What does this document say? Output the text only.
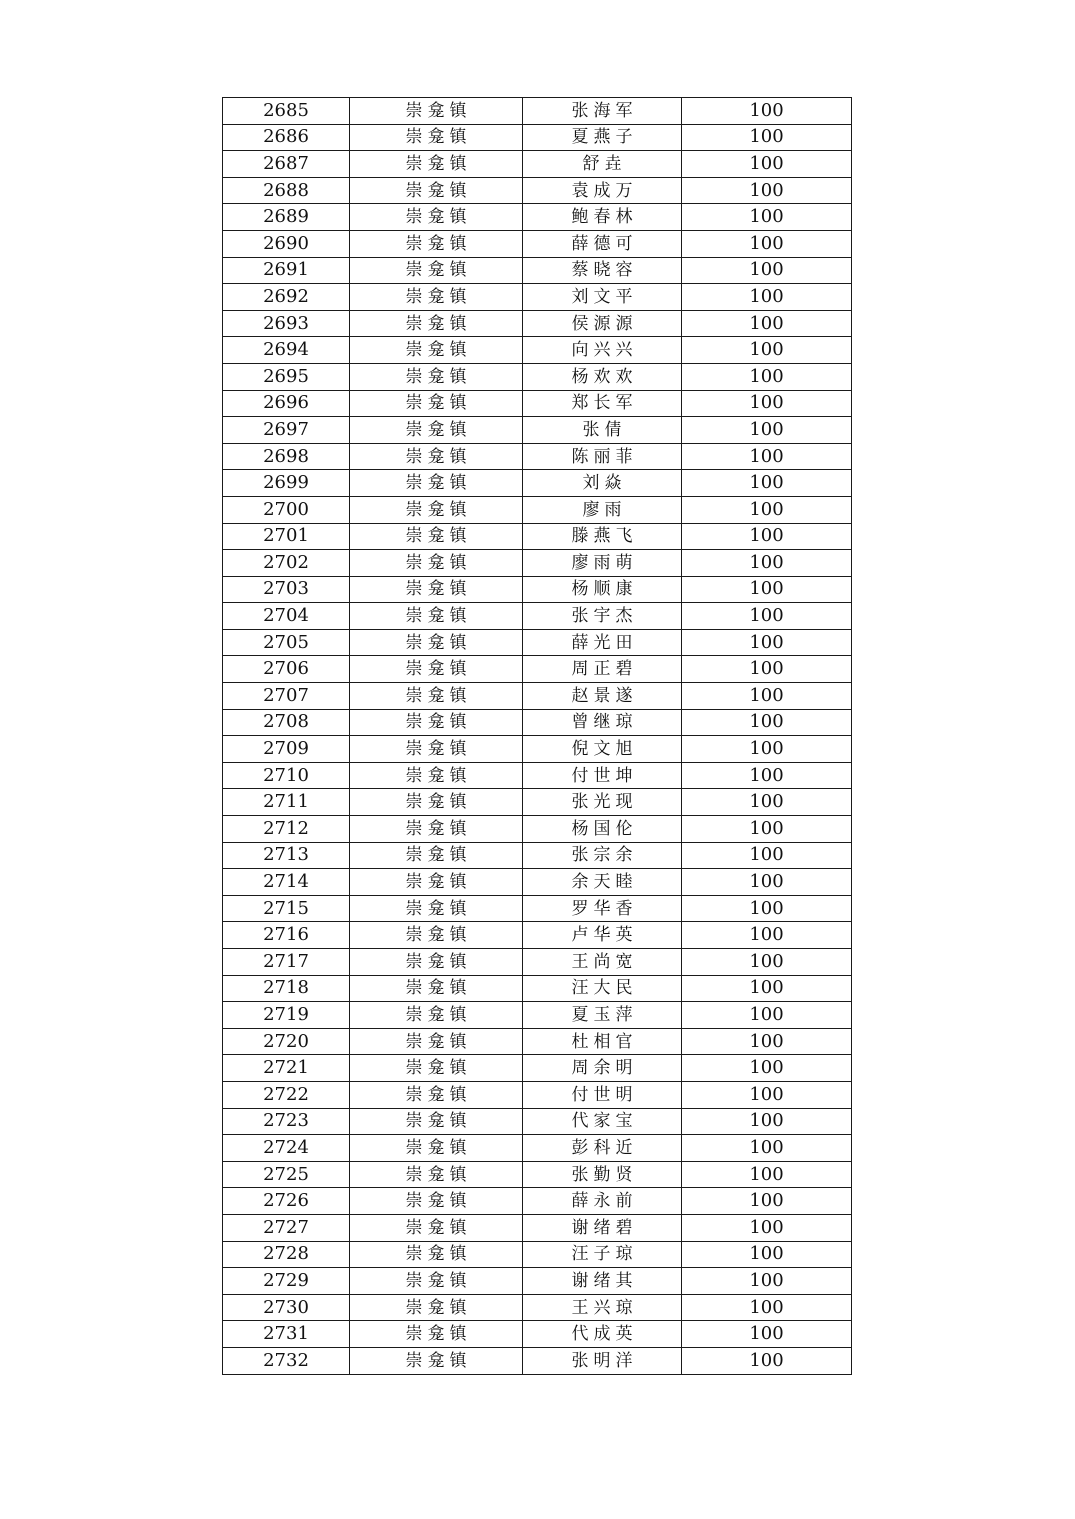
2685	崇龛镇	张海军	100
2686	崇龛镇	夏燕子	100
2687	崇龛镇	舒垚	100
2688	崇龛镇	袁成万	100
2689	崇龛镇	鲍春林	100
2690	崇龛镇	薛德可	100
2691	崇龛镇	蔡晓容	100
2692	崇龛镇	刘文平	100
2693	崇龛镇	侯源源	100
2694	崇龛镇	向兴兴	100
2695	崇龛镇	杨欢欢	100
2696	崇龛镇	郑长军	100
2697	崇龛镇	张倩	100
2698	崇龛镇	陈丽菲	100
2699	崇龛镇	刘焱	100
2700	崇龛镇	廖雨	100
2701	崇龛镇	滕燕飞	100
2702	崇龛镇	廖雨萌	100
2703	崇龛镇	杨顺康	100
2704	崇龛镇	张宇杰	100
2705	崇龛镇	薛光田	100
2706	崇龛镇	周正碧	100
2707	崇龛镇	赵景遂	100
2708	崇龛镇	曾继琼	100
2709	崇龛镇	倪文旭	100
2710	崇龛镇	付世坤	100
2711	崇龛镇	张光现	100
2712	崇龛镇	杨国伦	100
2713	崇龛镇	张宗余	100
2714	崇龛镇	余天睦	100
2715	崇龛镇	罗华香	100
2716	崇龛镇	卢华英	100
2717	崇龛镇	王尚宽	100
2718	崇龛镇	汪大民	100
2719	崇龛镇	夏玉萍	100
2720	崇龛镇	杜相官	100
2721	崇龛镇	周余明	100
2722	崇龛镇	付世明	100
2723	崇龛镇	代家宝	100
2724	崇龛镇	彭科近	100
2725	崇龛镇	张勤贤	100
2726	崇龛镇	薛永前	100
2727	崇龛镇	谢绪碧	100
2728	崇龛镇	汪子琼	100
2729	崇龛镇	谢绪其	100
2730	崇龛镇	王兴琼	100
2731	崇龛镇	代成英	100
2732	崇龛镇	张明洋	100
